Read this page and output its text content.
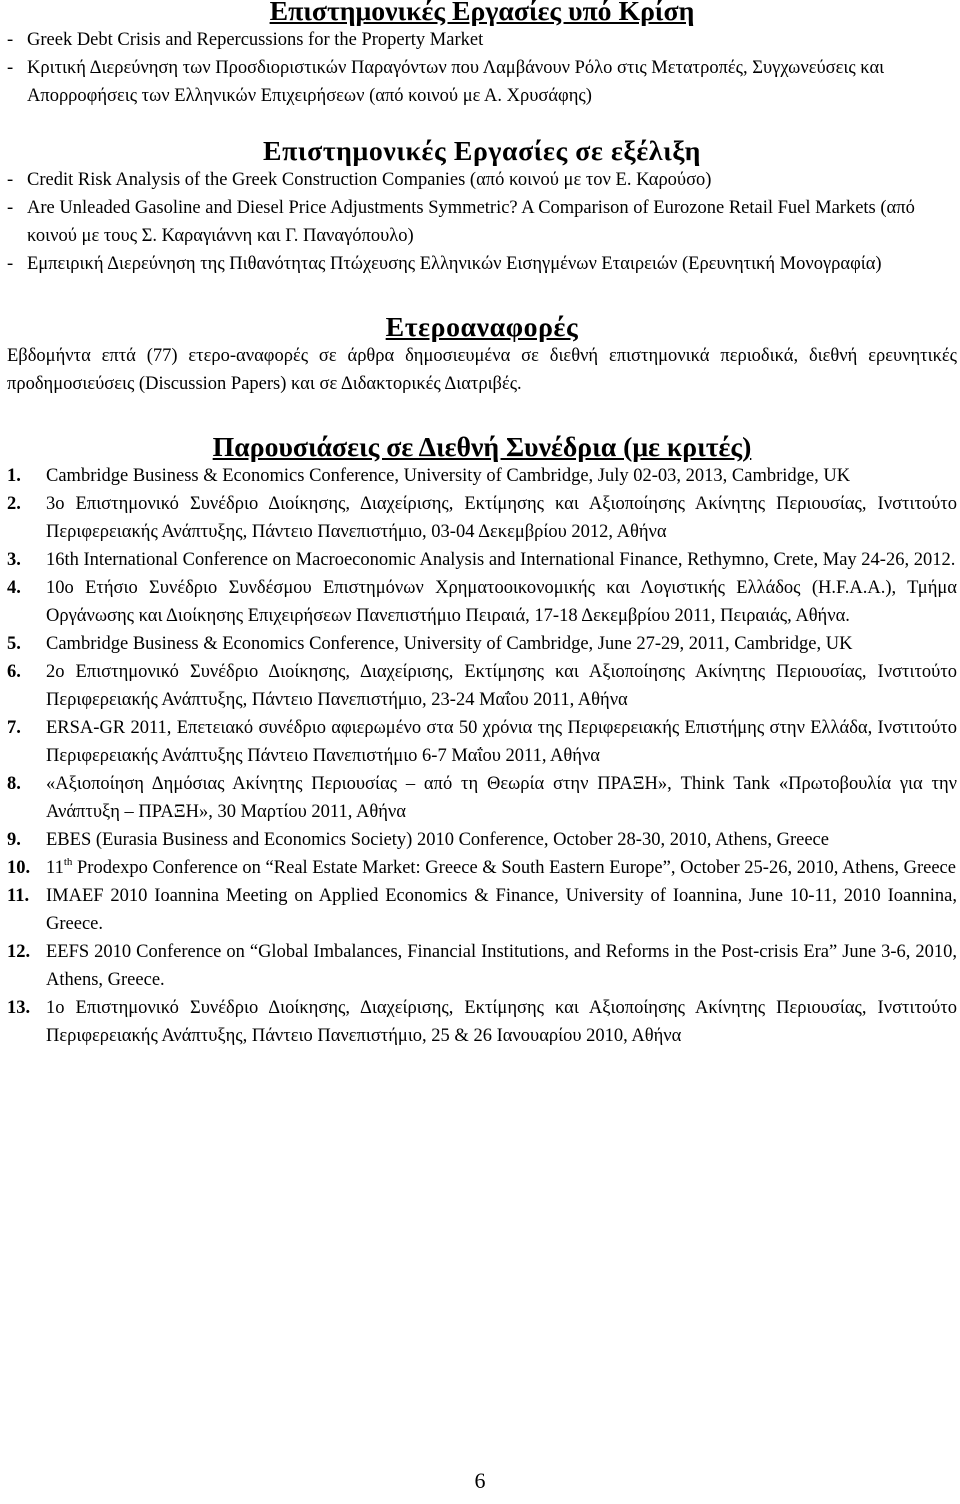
Επιστημονικές Εργασίες υπό Κρίση
- Greek Debt Crisis and Repercussions for the Property Market
- Κριτική Διερεύνηση των Προσδιοριστικών Παραγόντων που Λαμβάνουν Ρόλο στις Μετατροπές, Συγχωνεύσεις και Απορροφήσεις των Ελληνικών Επιχειρήσεων (από κοινού με Α. Χρυσάφης)
Επιστημονικές Εργασίες σε εξέλιξη
- Credit Risk Analysis of the Greek Construction Companies (από κοινού με τον Ε. Καρούσο)
- Are Unleaded Gasoline and Diesel Price Adjustments Symmetric? A Comparison of Eurozone Retail Fuel Markets (από κοινού με τους Σ. Καραγιάννη και Γ. Παναγόπουλο)
- Εμπειρική Διερεύνηση της Πιθανότητας Πτώχευσης Ελληνικών Εισηγμένων Εταιρειών (Ερευνητική Μονογραφία)
Ετεροαναφορές

Εβδομήντα επτά (77) ετερο-αναφορές σε άρθρα δημοσιευμένα σε διεθνή επιστημονικά περιοδικά, διεθνή ερευνητικές προδημοσιεύσεις (Discussion Papers) και σε Διδακτορικές Διατριβές.

Παρουσιάσεις σε Διεθνή Συνέδρια (με κριτές)
1. Cambridge Business & Economics Conference, University of Cambridge, July 02-03, 2013, Cambridge, UK
2. 3ο Επιστημονικό Συνέδριο Διοίκησης, Διαχείρισης, Εκτίμησης και Αξιοποίησης Ακίνητης Περιουσίας, Ινστιτούτο Περιφερειακής Ανάπτυξης, Πάντειο Πανεπιστήμιο, 03-04 Δεκεμβρίου 2012, Αθήνα
3. 16th International Conference on Macroeconomic Analysis and International Finance, Rethymno, Crete, May 24-26, 2012.
4. 10ο Ετήσιο Συνέδριο Συνδέσμου Επιστημόνων Χρηματοοικονομικής και Λογιστικής Ελλάδος (Η.F.A.A.), Τμήμα Οργάνωσης και Διοίκησης Επιχειρήσεων Πανεπιστήμιο Πειραιά, 17-18 Δεκεμβρίου 2011, Πειραιάς, Αθήνα.
5. Cambridge Business & Economics Conference, University of Cambridge, June 27-29, 2011, Cambridge, UK
6. 2ο Επιστημονικό Συνέδριο Διοίκησης, Διαχείρισης, Εκτίμησης και Αξιοποίησης Ακίνητης Περιουσίας, Ινστιτούτο Περιφερειακής Ανάπτυξης, Πάντειο Πανεπιστήμιο, 23-24 Μαΐου 2011, Αθήνα
7. ERSA-GR 2011, Επετειακό συνέδριο αφιερωμένο στα 50 χρόνια της Περιφερειακής Επιστήμης στην Ελλάδα, Ινστιτούτο Περιφερειακής Ανάπτυξης Πάντειο Πανεπιστήμιο 6-7 Μαΐου 2011, Αθήνα
8. «Αξιοποίηση Δημόσιας Ακίνητης Περιουσίας – από τη Θεωρία στην ΠΡΑΞΗ», Think Tank «Πρωτοβουλία για την Ανάπτυξη – ΠΡΑΞΗ», 30 Μαρτίου 2011, Αθήνα
9. EBES (Eurasia Business and Economics Society) 2010 Conference, October 28-30, 2010, Athens, Greece
10. 11th Prodexpo Conference on “Real Estate Market: Greece & South Eastern Europe”, October 25-26, 2010, Athens, Greece
11. IMAEF 2010 Ioannina Meeting on Applied Economics & Finance, University of Ioannina, June 10-11, 2010 Ioannina, Greece.
12. EEFS 2010 Conference on “Global Imbalances, Financial Institutions, and Reforms in the Post-crisis Era” June 3-6, 2010, Athens, Greece.
13. 1ο Επιστημονικό Συνέδριο Διοίκησης, Διαχείρισης, Εκτίμησης και Αξιοποίησης Ακίνητης Περιουσίας, Ινστιτούτο Περιφερειακής Ανάπτυξης, Πάντειο Πανεπιστήμιο, 25 & 26 Ιανουαρίου 2010, Αθήνα
6
